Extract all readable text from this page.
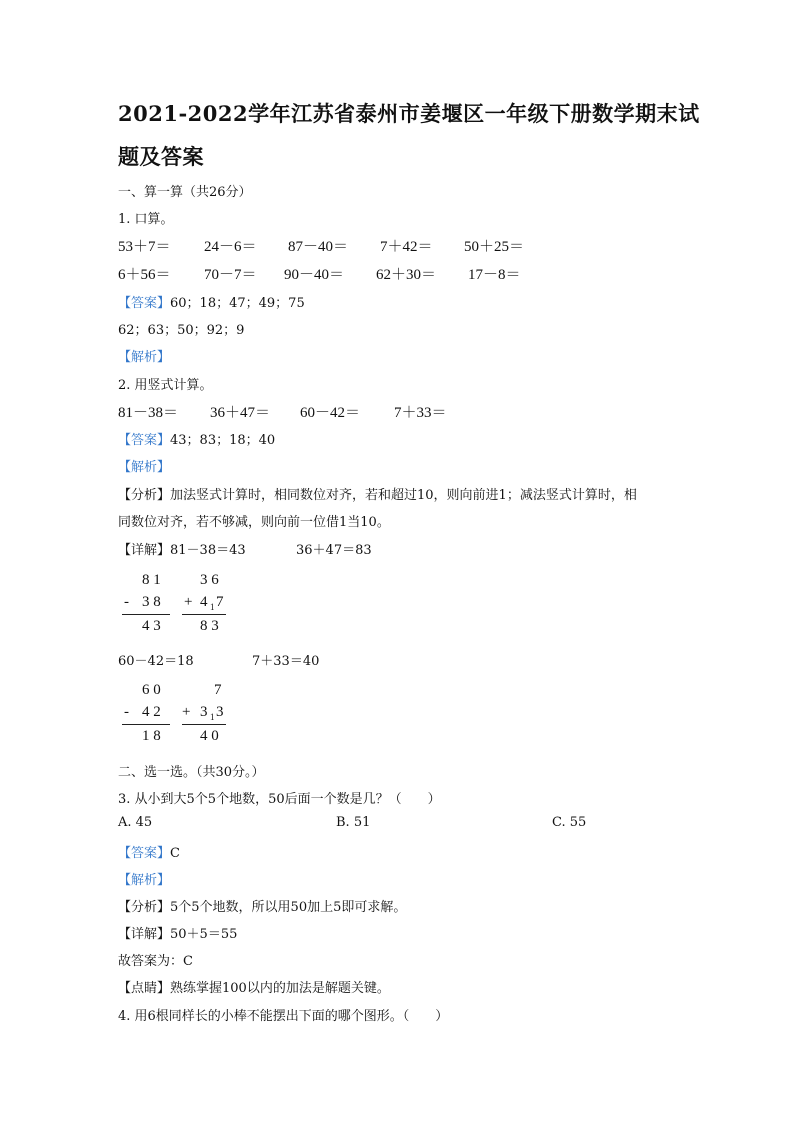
2021-2022学年江苏省泰州市姜堰区一年级下册数学期末试
题及答案
一、算一算（共26分）
1. 口算。
53＋7＝ 24－6＝ 87－40＝ 7＋42＝ 50＋25＝
6＋56＝ 70－7＝ 90－40＝ 62＋30＝ 17－8＝
【答案】60；18；47；49；75
62；63；50；92；9
【解析】
2. 用竖式计算。
81－38＝ 36＋47＝ 60－42＝ 7＋33＝
【答案】43；83；18；40
【解析】
【分析】加法竖式计算时，相同数位对齐，若和超过10，则向前进1；减法竖式计算时，相
同数位对齐，若不够减，则向前一位借1当10。
【详解】81－38＝43	36＋47＝83
8 1
- 3 8
4 3
3 6
+ 4 1 7
8 3
60－42＝18	7＋33＝40
6 0
- 4 2
1 8
7
+ 3 1 3
4 0
二、选一选。（共30分。）
3. 从小到大5个5个地数，50后面一个数是几？（　　）
A. 45	B. 51	C. 55
【答案】C
【解析】
【分析】5个5个地数，所以用50加上5即可求解。
【详解】50＋5＝55
故答案为：C
【点睛】熟练掌握100以内的加法是解题关键。
4. 用6根同样长的小棒不能摆出下面的哪个图形。（　　）
